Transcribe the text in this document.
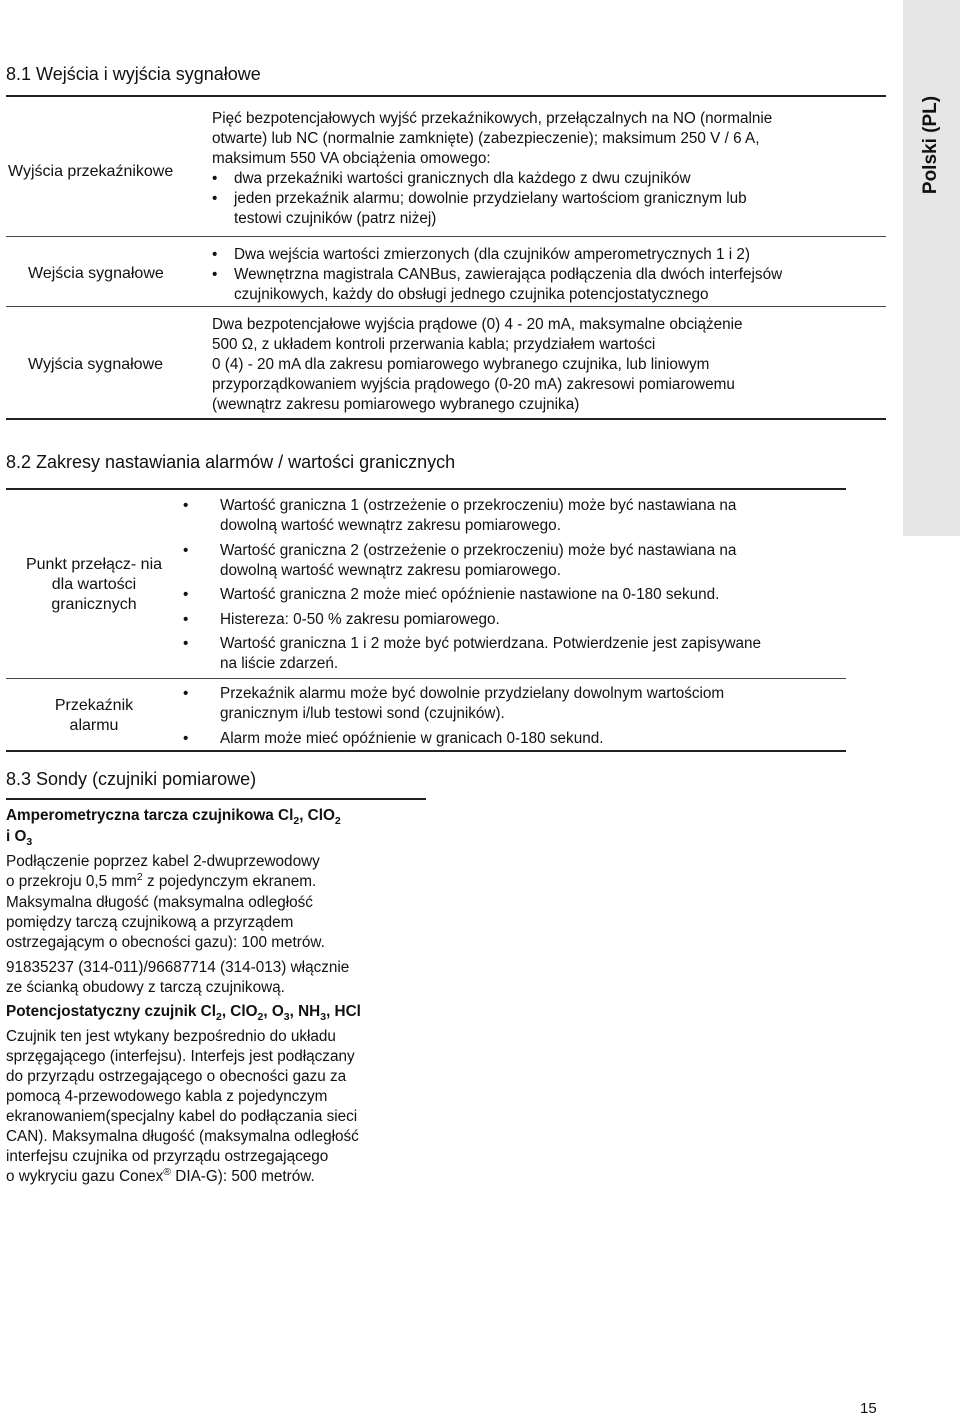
Polski (PL)
8.1 Wejścia i wyjścia sygnałowe
Wyjścia przekaźnikowe
Pięć bezpotencjałowych wyjść przekaźnikowych, przełączalnych na NO (normalnie
otwarte) lub NC (normalnie zamknięte) (zabezpieczenie); maksimum 250 V / 6 A,
maksimum 550 VA obciążenia omowego:
• dwa przekaźniki wartości granicznych dla każdego z dwu czujników
• jeden przekaźnik alarmu; dowolnie przydzielany wartościom granicznym lub
testowi czujników (patrz niżej)
Wejścia sygnałowe
• Dwa wejścia wartości zmierzonych (dla czujników amperometrycznych 1 i 2)
• Wewnętrzna magistrala CANBus, zawierająca podłączenia dla dwóch interfejsów
czujnikowych, każdy do obsługi jednego czujnika potencjostatycznego
Wyjścia sygnałowe
Dwa bezpotencjałowe wyjścia prądowe (0) 4 - 20 mA, maksymalne obciążenie
500 Ω, z układem kontroli przerwania kabla; przydziałem wartości
0 (4) - 20 mA dla zakresu pomiarowego wybranego czujnika, lub liniowym
przyporządkowaniem wyjścia prądowego (0-20 mA) zakresowi pomiarowemu
(wewnątrz zakresu pomiarowego wybranego czujnika)
8.2 Zakresy nastawiania alarmów / wartości granicznych
Punkt przełącz- nia
dla wartości
granicznych
• Wartość graniczna 1 (ostrzeżenie o przekroczeniu) może być nastawiana na
dowolną wartość wewnątrz zakresu pomiarowego.
• Wartość graniczna 2 (ostrzeżenie o przekroczeniu) może być nastawiana na
dowolną wartość wewnątrz zakresu pomiarowego.
• Wartość graniczna 2 może mieć opóźnienie nastawione na 0-180 sekund.
• Histereza: 0-50 % zakresu pomiarowego.
• Wartość graniczna 1 i 2 może być potwierdzana. Potwierdzenie jest zapisywane
na liście zdarzeń.
Przekaźnik
alarmu
• Przekaźnik alarmu może być dowolnie przydzielany dowolnym wartościom
granicznym i/lub testowi sond (czujników).
• Alarm może mieć opóźnienie w granicach 0-180 sekund.
8.3 Sondy (czujniki pomiarowe)
Amperometryczna tarcza czujnikowa $Cl_2$, ClO$_2$
i $O_3$
Podłączenie poprzez kabel 2-dwuprzewodowy
o przekroju 0,5 $mm^2$ z pojedynczym ekranem.
Maksymalna długość (maksymalna odległość
pomiędzy tarczą czujnikową a przyrządem
ostrzegającym o obecności gazu): 100 metrów.
91835237 (314-011)/96687714 (314-013) włącznie
ze ścianką obudowy z tarczą czujnikową.
Potencjostatyczny czujnik $Cl_2$, ClO$_2$, $O_3$, $NH_3$, HCl
Czujnik ten jest wtykany bezpośrednio do układu
sprzęgającego (interfejsu). Interfejs jest podłączany
do przyrządu ostrzegającego o obecności gazu za
pomocą 4-przewodowego kabla z pojedynczym
ekranowaniem(specjalny kabel do podłączania sieci
CAN). Maksymalna długość (maksymalna odległość
interfejsu czujnika od przyrządu ostrzegającego
o wykryciu gazu Conex® DIA-G): 500 metrów.
15
